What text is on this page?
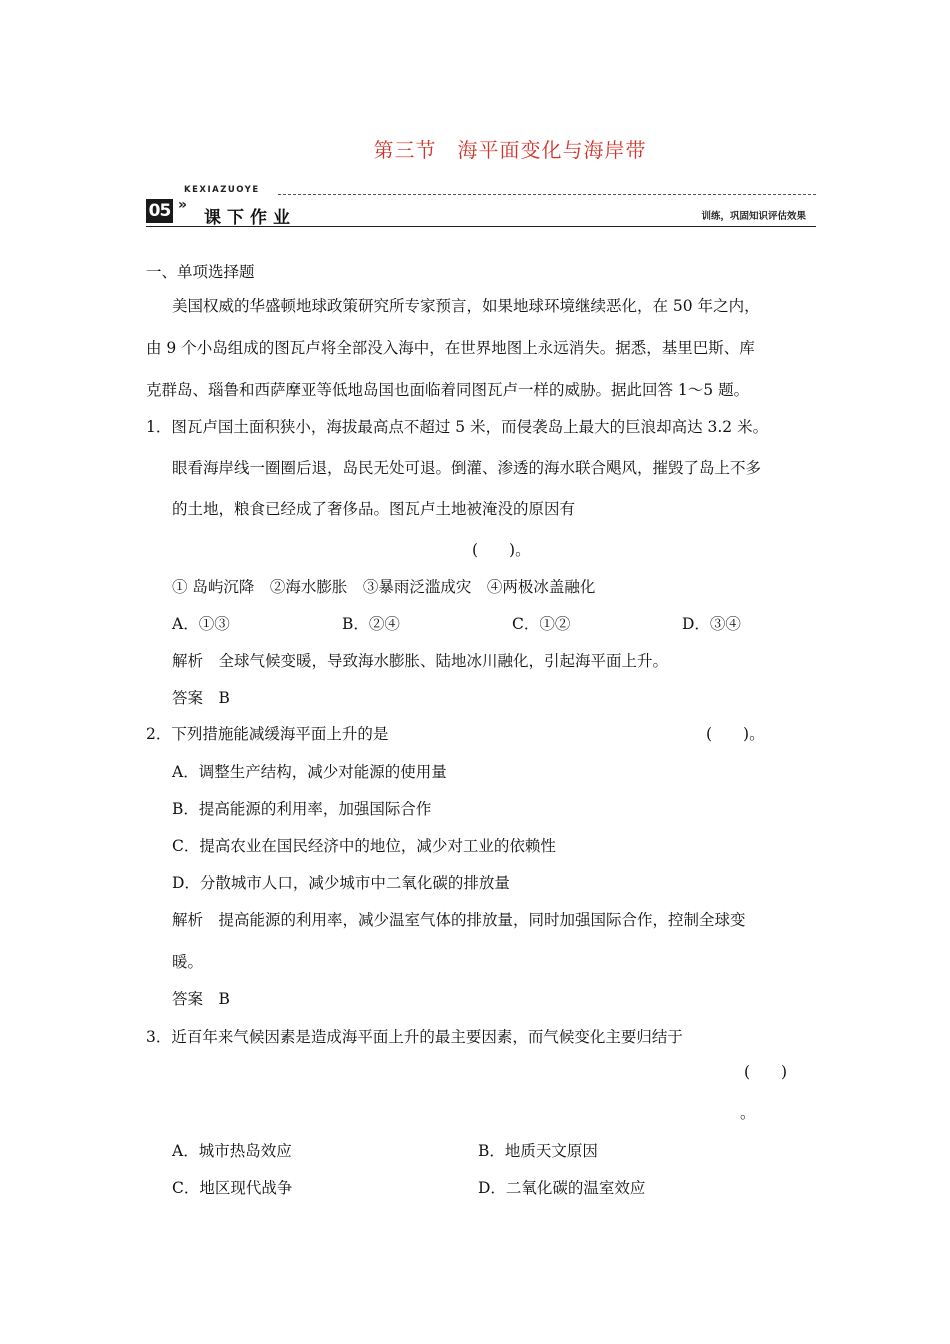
第三节　海平面变化与海岸带
KEXIAZUOYE
05 »
课下作业	训练，巩固知识评估效果
一、单项选择题
美国权威的华盛顿地球政策研究所专家预言，如果地球环境继续恶化，在 50 年之内，
由 9 个小岛组成的图瓦卢将全部没入海中，在世界地图上永远消失。据悉，基里巴斯、库
克群岛、瑙鲁和西萨摩亚等低地岛国也面临着同图瓦卢一样的威胁。据此回答 1～5 题。
1．图瓦卢国土面积狭小，海拔最高点不超过 5 米，而侵袭岛上最大的巨浪却高达 3.2 米。
眼看海岸线一圈圈后退，岛民无处可退。倒灌、渗透的海水联合飓风，摧毁了岛上不多
的土地，粮食已经成了奢侈品。图瓦卢土地被淹没的原因有
(　　)。
① 岛屿沉降　②海水膨胀　③暴雨泛滥成灾　④两极冰盖融化
A．①③	B．②④	C．①②	D．③④
解析　全球气候变暖，导致海水膨胀、陆地冰川融化，引起海平面上升。
答案　B
2．下列措施能减缓海平面上升的是	(　　)。
A．调整生产结构，减少对能源的使用量
B．提高能源的利用率，加强国际合作
C．提高农业在国民经济中的地位，减少对工业的依赖性
D．分散城市人口，减少城市中二氧化碳的排放量
解析　提高能源的利用率，减少温室气体的排放量，同时加强国际合作，控制全球变
暖。
答案　B
3．近百年来气候因素是造成海平面上升的最主要因素，而气候变化主要归结于
(　　)
。
A．城市热岛效应	B．地质天文原因
C．地区现代战争	D．二氧化碳的温室效应
